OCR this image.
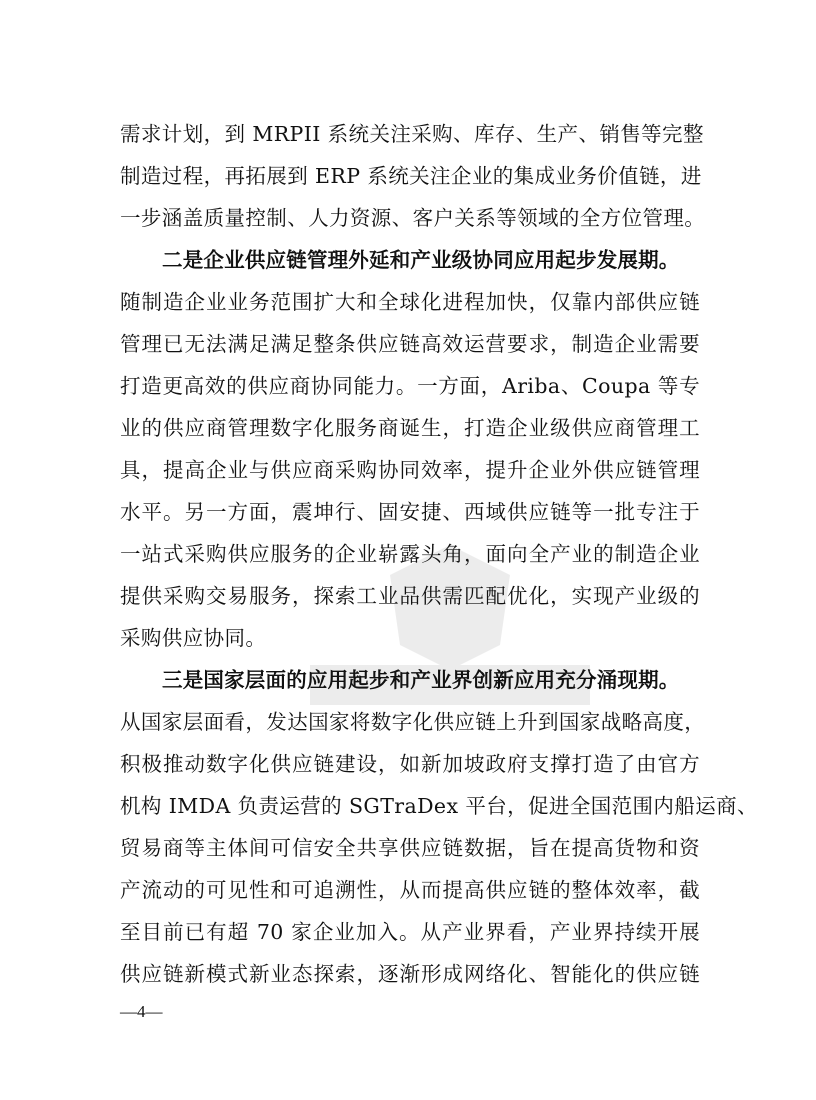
需求计划，到 MRPII 系统关注采购、库存、生产、销售等完整
制造过程，再拓展到 ERP 系统关注企业的集成业务价值链，进
一步涵盖质量控制、人力资源、客户关系等领域的全方位管理。
二是企业供应链管理外延和产业级协同应用起步发展期。
随制造企业业务范围扩大和全球化进程加快，仅靠内部供应链
管理已无法满足满足整条供应链高效运营要求，制造企业需要
打造更高效的供应商协同能力。一方面，Ariba、Coupa 等专
业的供应商管理数字化服务商诞生，打造企业级供应商管理工
具，提高企业与供应商采购协同效率，提升企业外供应链管理
水平。另一方面，震坤行、固安捷、西域供应链等一批专注于
一站式采购供应服务的企业崭露头角，面向全产业的制造企业
提供采购交易服务，探索工业品供需匹配优化，实现产业级的
采购供应协同。
三是国家层面的应用起步和产业界创新应用充分涌现期。
从国家层面看，发达国家将数字化供应链上升到国家战略高度，
积极推动数字化供应链建设，如新加坡政府支撑打造了由官方
机构 IMDA 负责运营的 SGTraDex 平台，促进全国范围内船运商、
贸易商等主体间可信安全共享供应链数据，旨在提高货物和资
产流动的可见性和可追溯性，从而提高供应链的整体效率，截
至目前已有超 70 家企业加入。从产业界看，产业界持续开展
供应链新模式新业态探索，逐渐形成网络化、智能化的供应链
—4—
